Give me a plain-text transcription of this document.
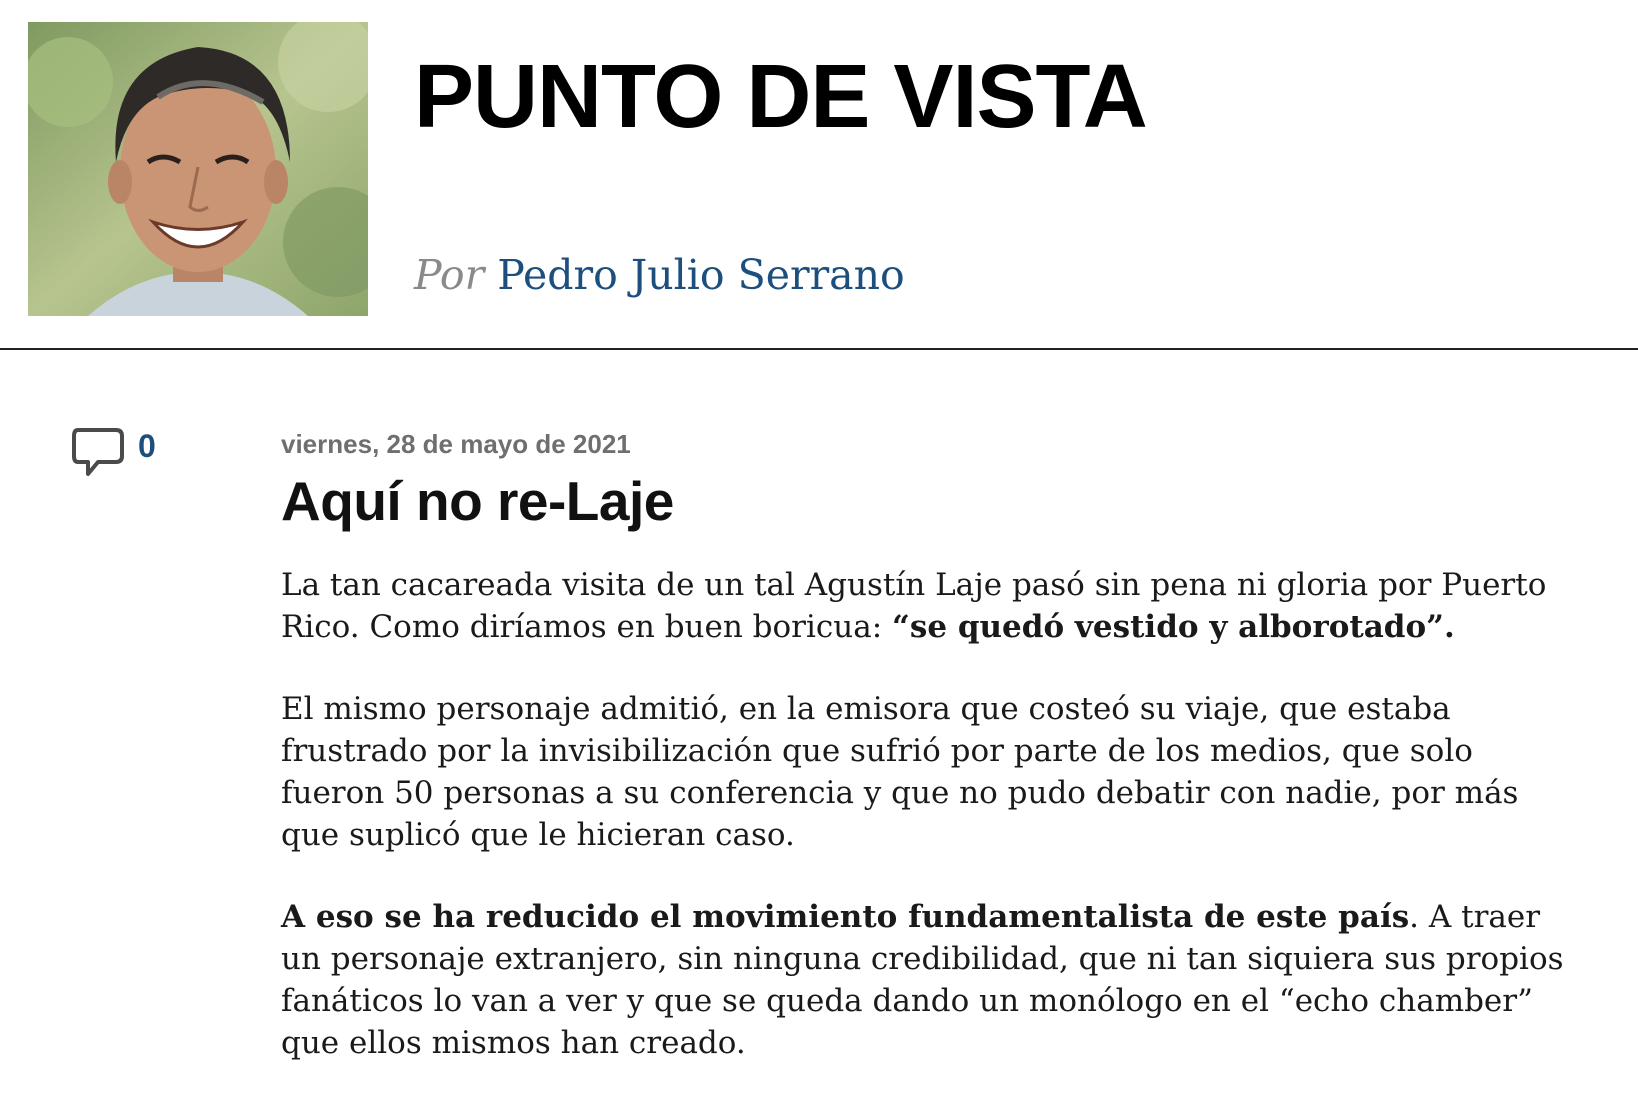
PUNTO DE VISTA
Por Pedro Julio Serrano
0	viernes, 28 de mayo de 2021

Aquí no re-Laje

La tan cacareada visita de un tal Agustín Laje pasó sin pena ni gloria por Puerto Rico. Como diríamos en buen boricua: “se quedó vestido y alborotado”.

El mismo personaje admitió, en la emisora que costeó su viaje, que estaba frustrado por la invisibilización que sufrió por parte de los medios, que solo fueron 50 personas a su conferencia y que no pudo debatir con nadie, por más que suplicó que le hicieran caso.

A eso se ha reducido el movimiento fundamentalista de este país. A traer un personaje extranjero, sin ninguna credibilidad, que ni tan siquiera sus propios fanáticos lo van a ver y que se queda dando un monólogo en el “echo chamber” que ellos mismos han creado.
